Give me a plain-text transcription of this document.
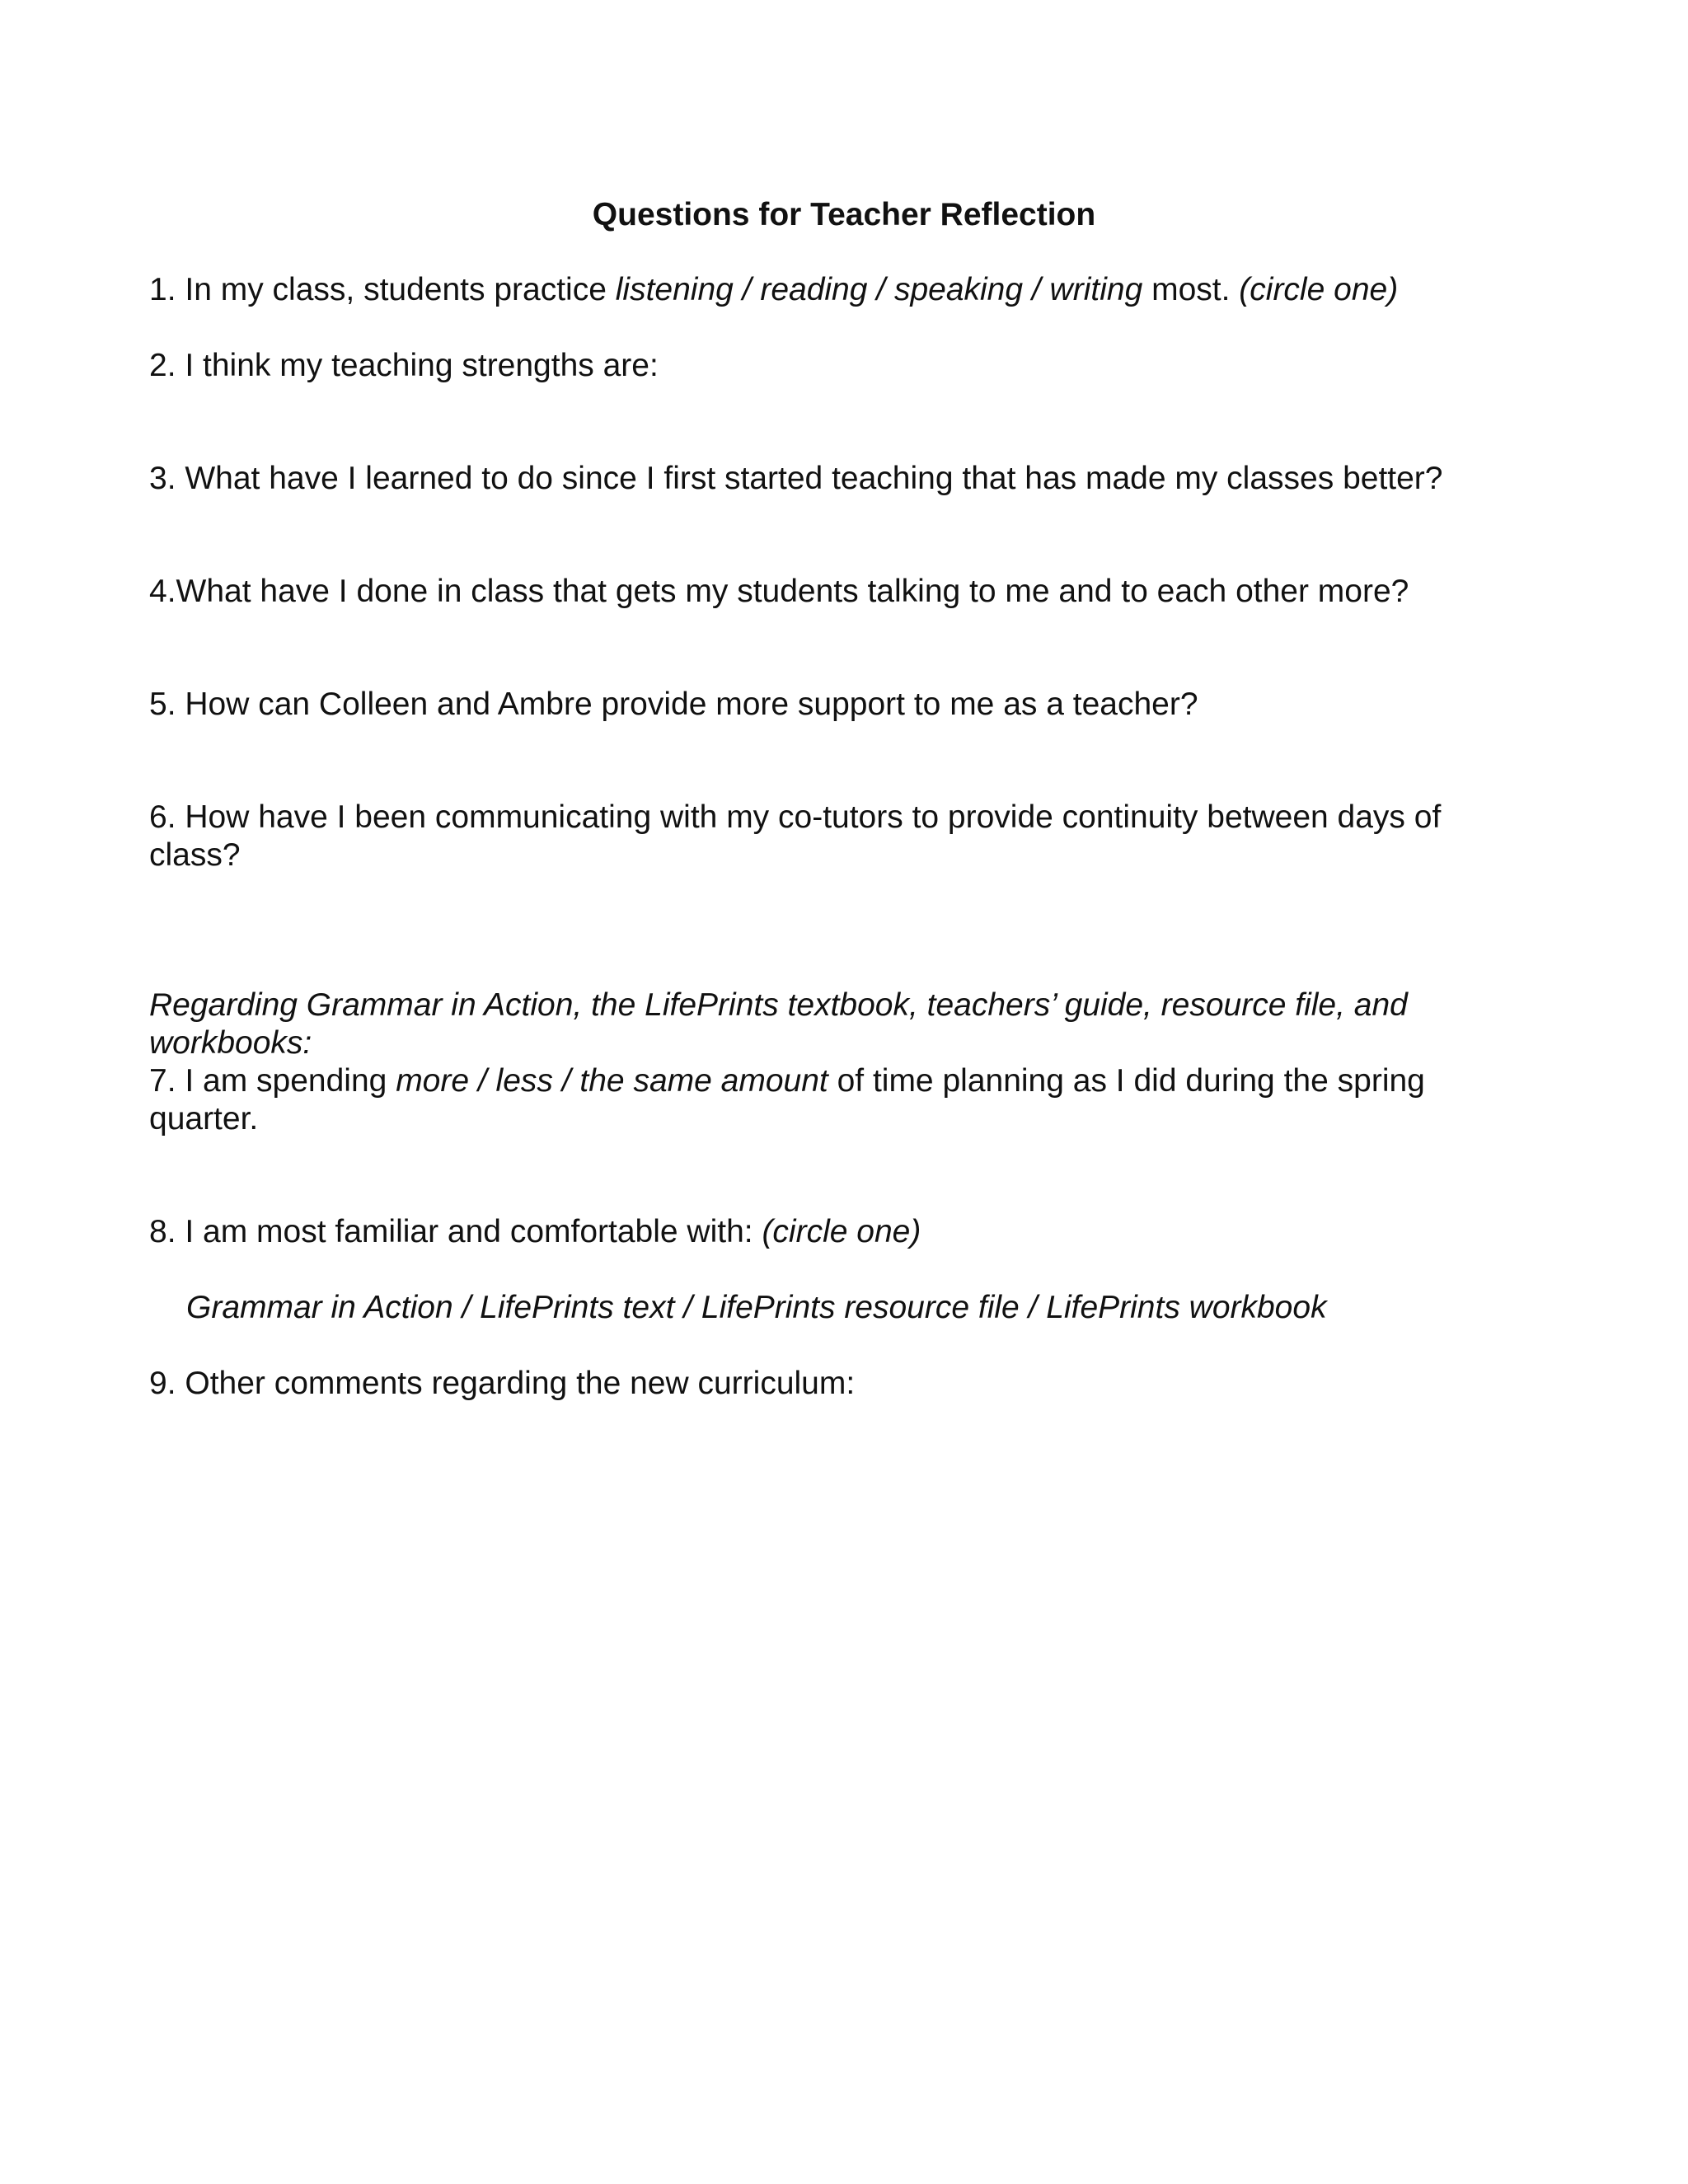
Questions for Teacher Reflection

1. In my class, students practice listening / reading / speaking / writing most. (circle one)

2. I think my teaching strengths are:

3. What have I learned to do since I first started teaching that has made my classes better?

4.What have I done in class that gets my students talking to me and to each other more?

5. How can Colleen and Ambre provide more support to me as a teacher?

6. How have I been communicating with my co-tutors to provide continuity between days of

class?

Regarding Grammar in Action, the LifePrints textbook, teachers’ guide, resource file, and

workbooks:

7. I am spending more / less / the same amount of time planning as I did during the spring

quarter.

8. I am most familiar and comfortable with: (circle one)

Grammar in Action / LifePrints text / LifePrints resource file / LifePrints workbook

9. Other comments regarding the new curriculum:
